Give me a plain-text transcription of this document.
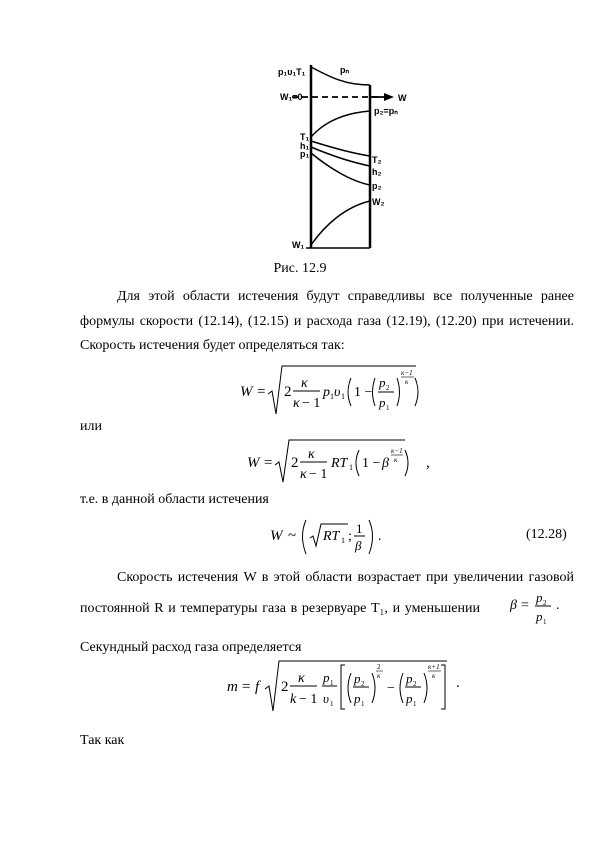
p₁υ₁T₁	pₙ
W₁=0	W
p₂=pₙ
T₁
h₁
p₁
T₂
h₂
p₂
W₂
W₁
Рис. 12.9
Для этой области истечения будут справедливы все полученные ранее
формулы скорости (12.14), (12.15) и расхода газа (12.19), (12.20) при истечении.
Скорость истечения будет определяться так:
W = 2
κ
κ − 1
p 1 υ 1 1 −
p 2
p 1
κ−1
κ
или
W = 2
κ
κ − 1
RT 1 1 − β
κ−1
κ ,
т.е. в данной области истечения
W ~ RT 1 ;
1
β
.	(12.28)
Скорость истечения W в этой области возрастает при увеличении газовой
постоянной R и температуры газа в резервуаре T₁, и уменьшении β =
p 2
p 1
.
Секундный расход газа определяется
m = f 2
κ
k − 1
p 1
υ 1
p 2
p 1
2
κ
−
p 2
p 1
κ+1
κ .
Так как
